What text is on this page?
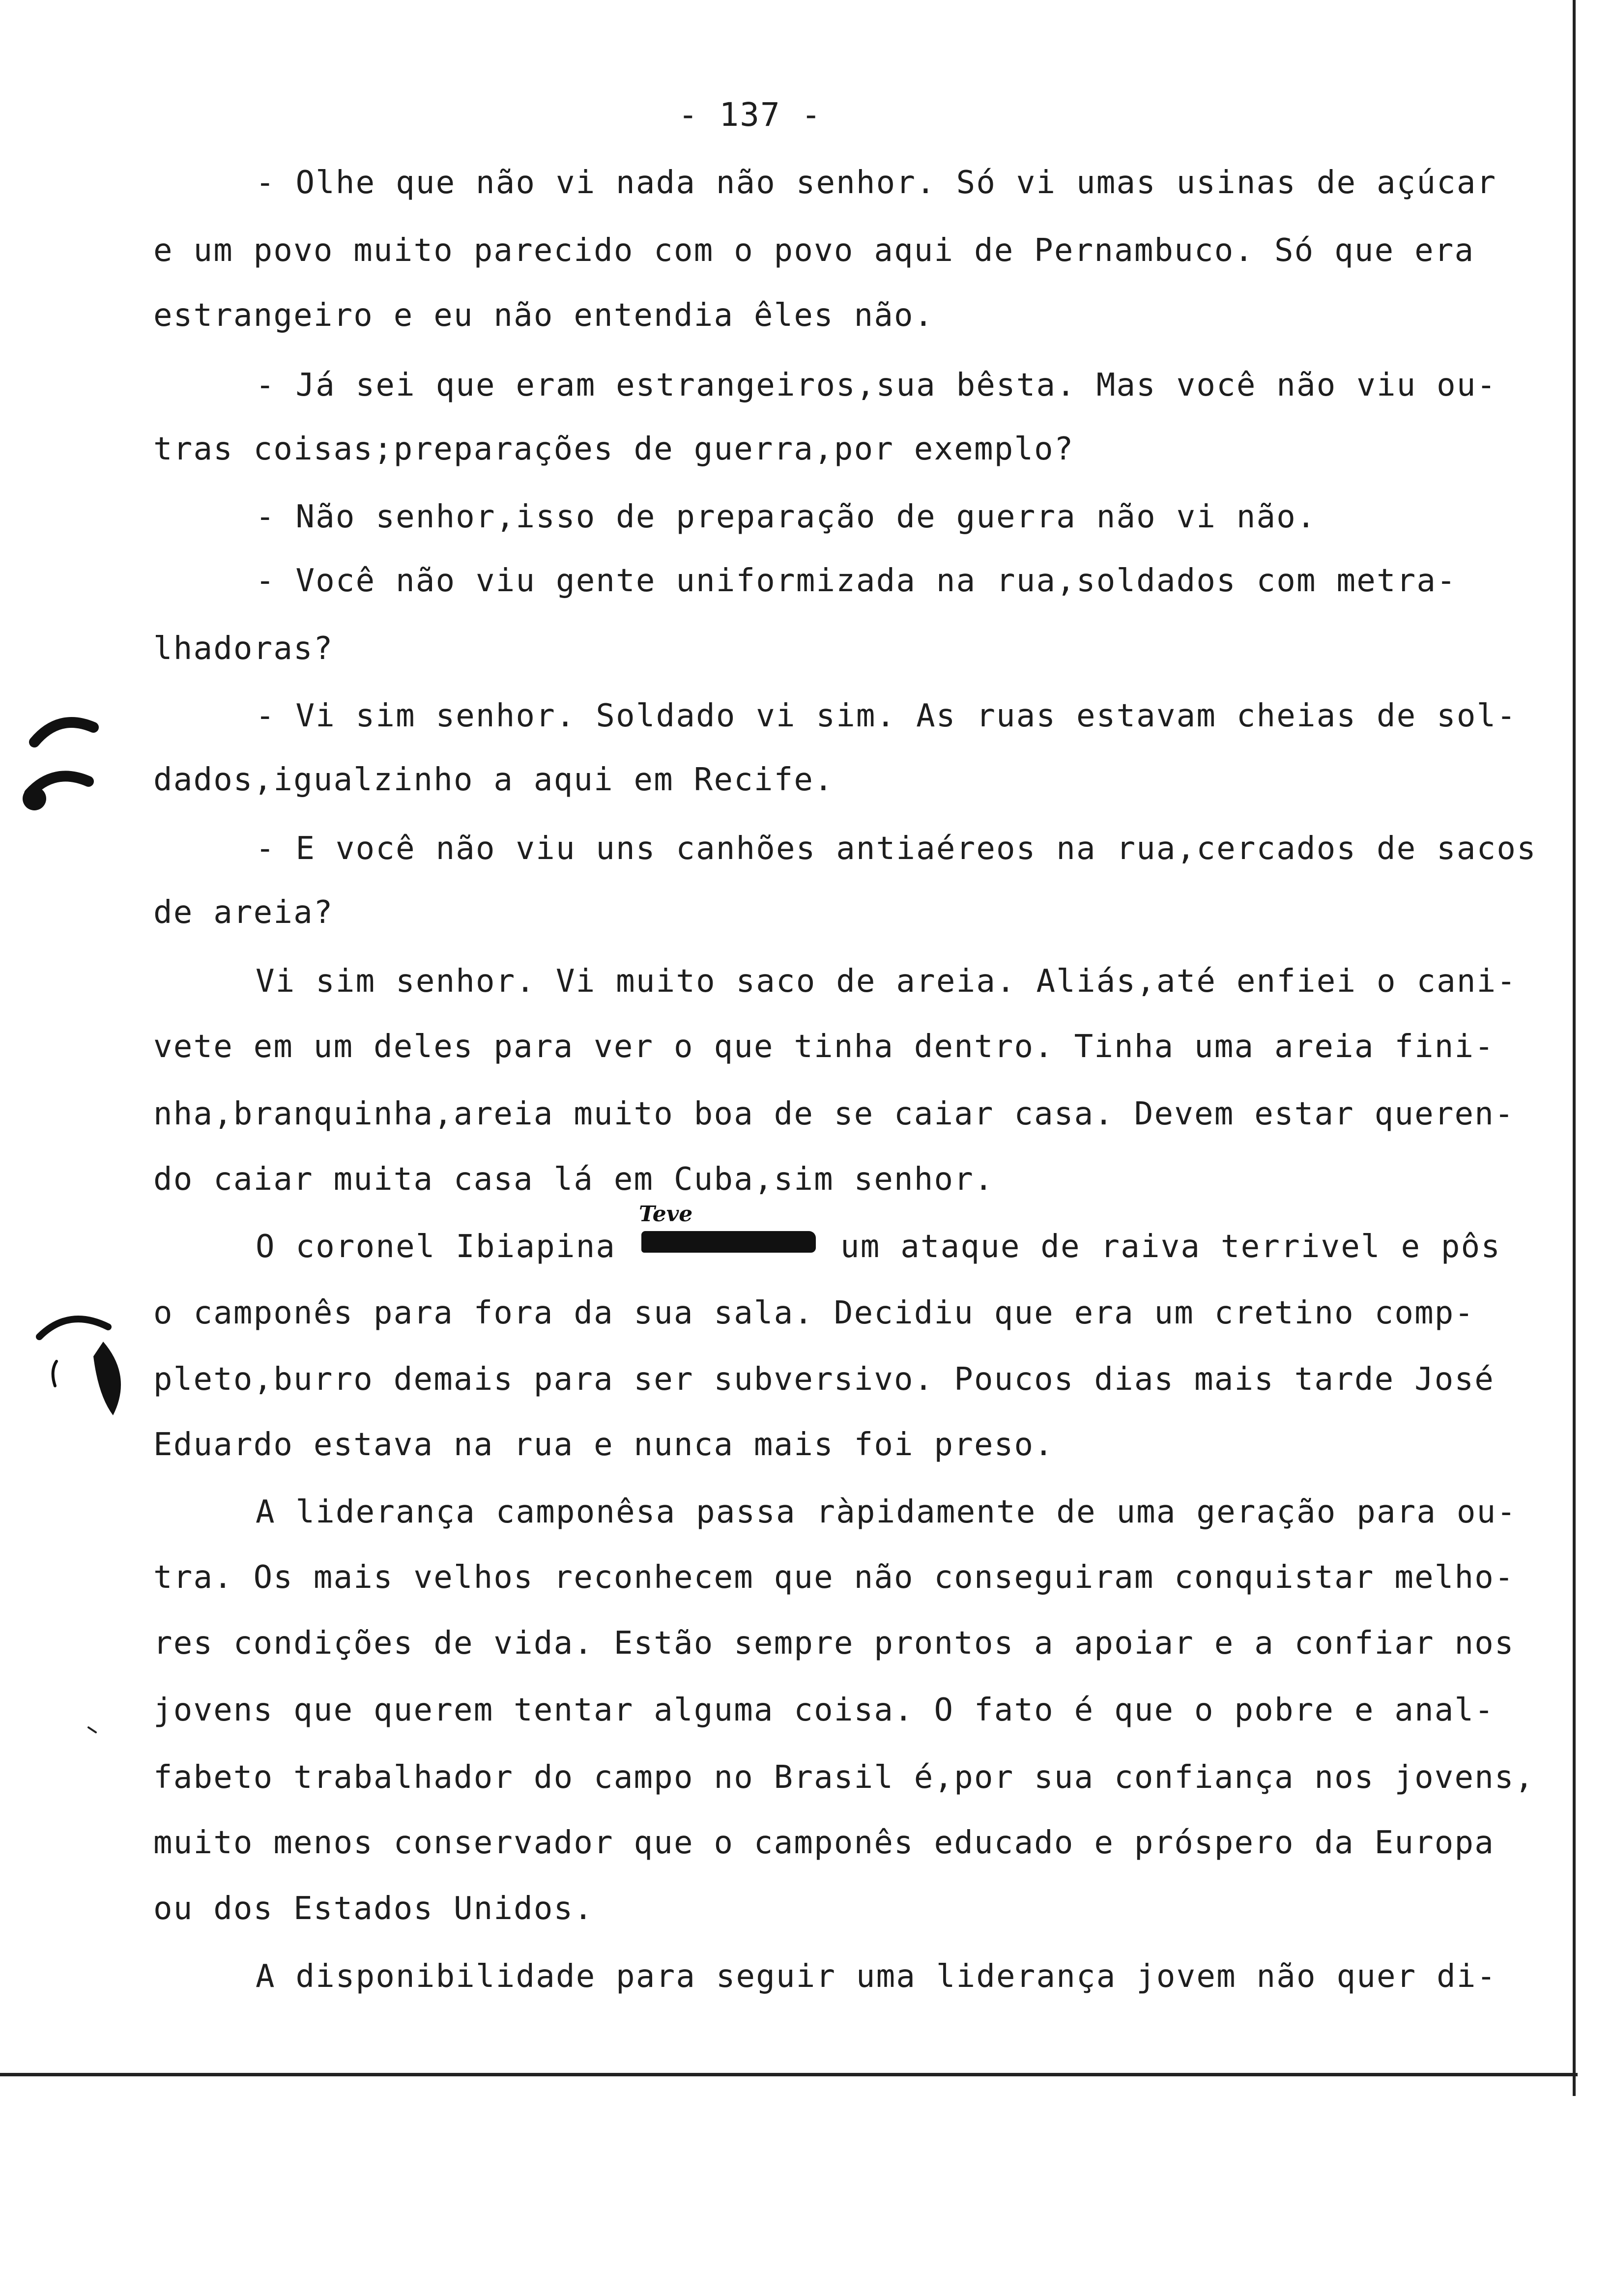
- 137 -

- Olhe que não vi nada não senhor. Só vi umas usinas de açúcar

e um povo muito parecido com o povo aqui de Pernambuco. Só que era

estrangeiro e eu não entendia êles não.

- Já sei que eram estrangeiros,sua bêsta. Mas você não viu ou-

tras coisas;preparações de guerra,por exemplo?

- Não senhor,isso de preparação de guerra não vi não.

- Você não viu gente uniformizada na rua,soldados com metra-

lhadoras?

- Vi sim senhor. Soldado vi sim. As ruas estavam cheias de sol-

dados,igualzinho a aqui em Recife.

- E você não viu uns canhões antiaéreos na rua,cercados de sacos

de areia?

Vi sim senhor. Vi muito saco de areia. Aliás,até enfiei o cani-

vete em um deles para ver o que tinha dentro. Tinha uma areia fini-

nha,branquinha,areia muito boa de se caiar casa. Devem estar queren-

do caiar muita casa lá em Cuba,sim senhor.

Teve

O coronel Ibiapina	um ataque de raiva terrivel e pôs

o camponês para fora da sua sala. Decidiu que era um cretino comp-

pleto,burro demais para ser subversivo. Poucos dias mais tarde José

Eduardo estava na rua e nunca mais foi preso.

A liderança camponêsa passa ràpidamente de uma geração para ou-

tra. Os mais velhos reconhecem que não conseguiram conquistar melho-

res condições de vida. Estão sempre prontos a apoiar e a confiar nos

jovens que querem tentar alguma coisa. O fato é que o pobre e anal-

fabeto trabalhador do campo no Brasil é,por sua confiança nos jovens,

muito menos conservador que o camponês educado e próspero da Europa

ou dos Estados Unidos.

A disponibilidade para seguir uma liderança jovem não quer di-
